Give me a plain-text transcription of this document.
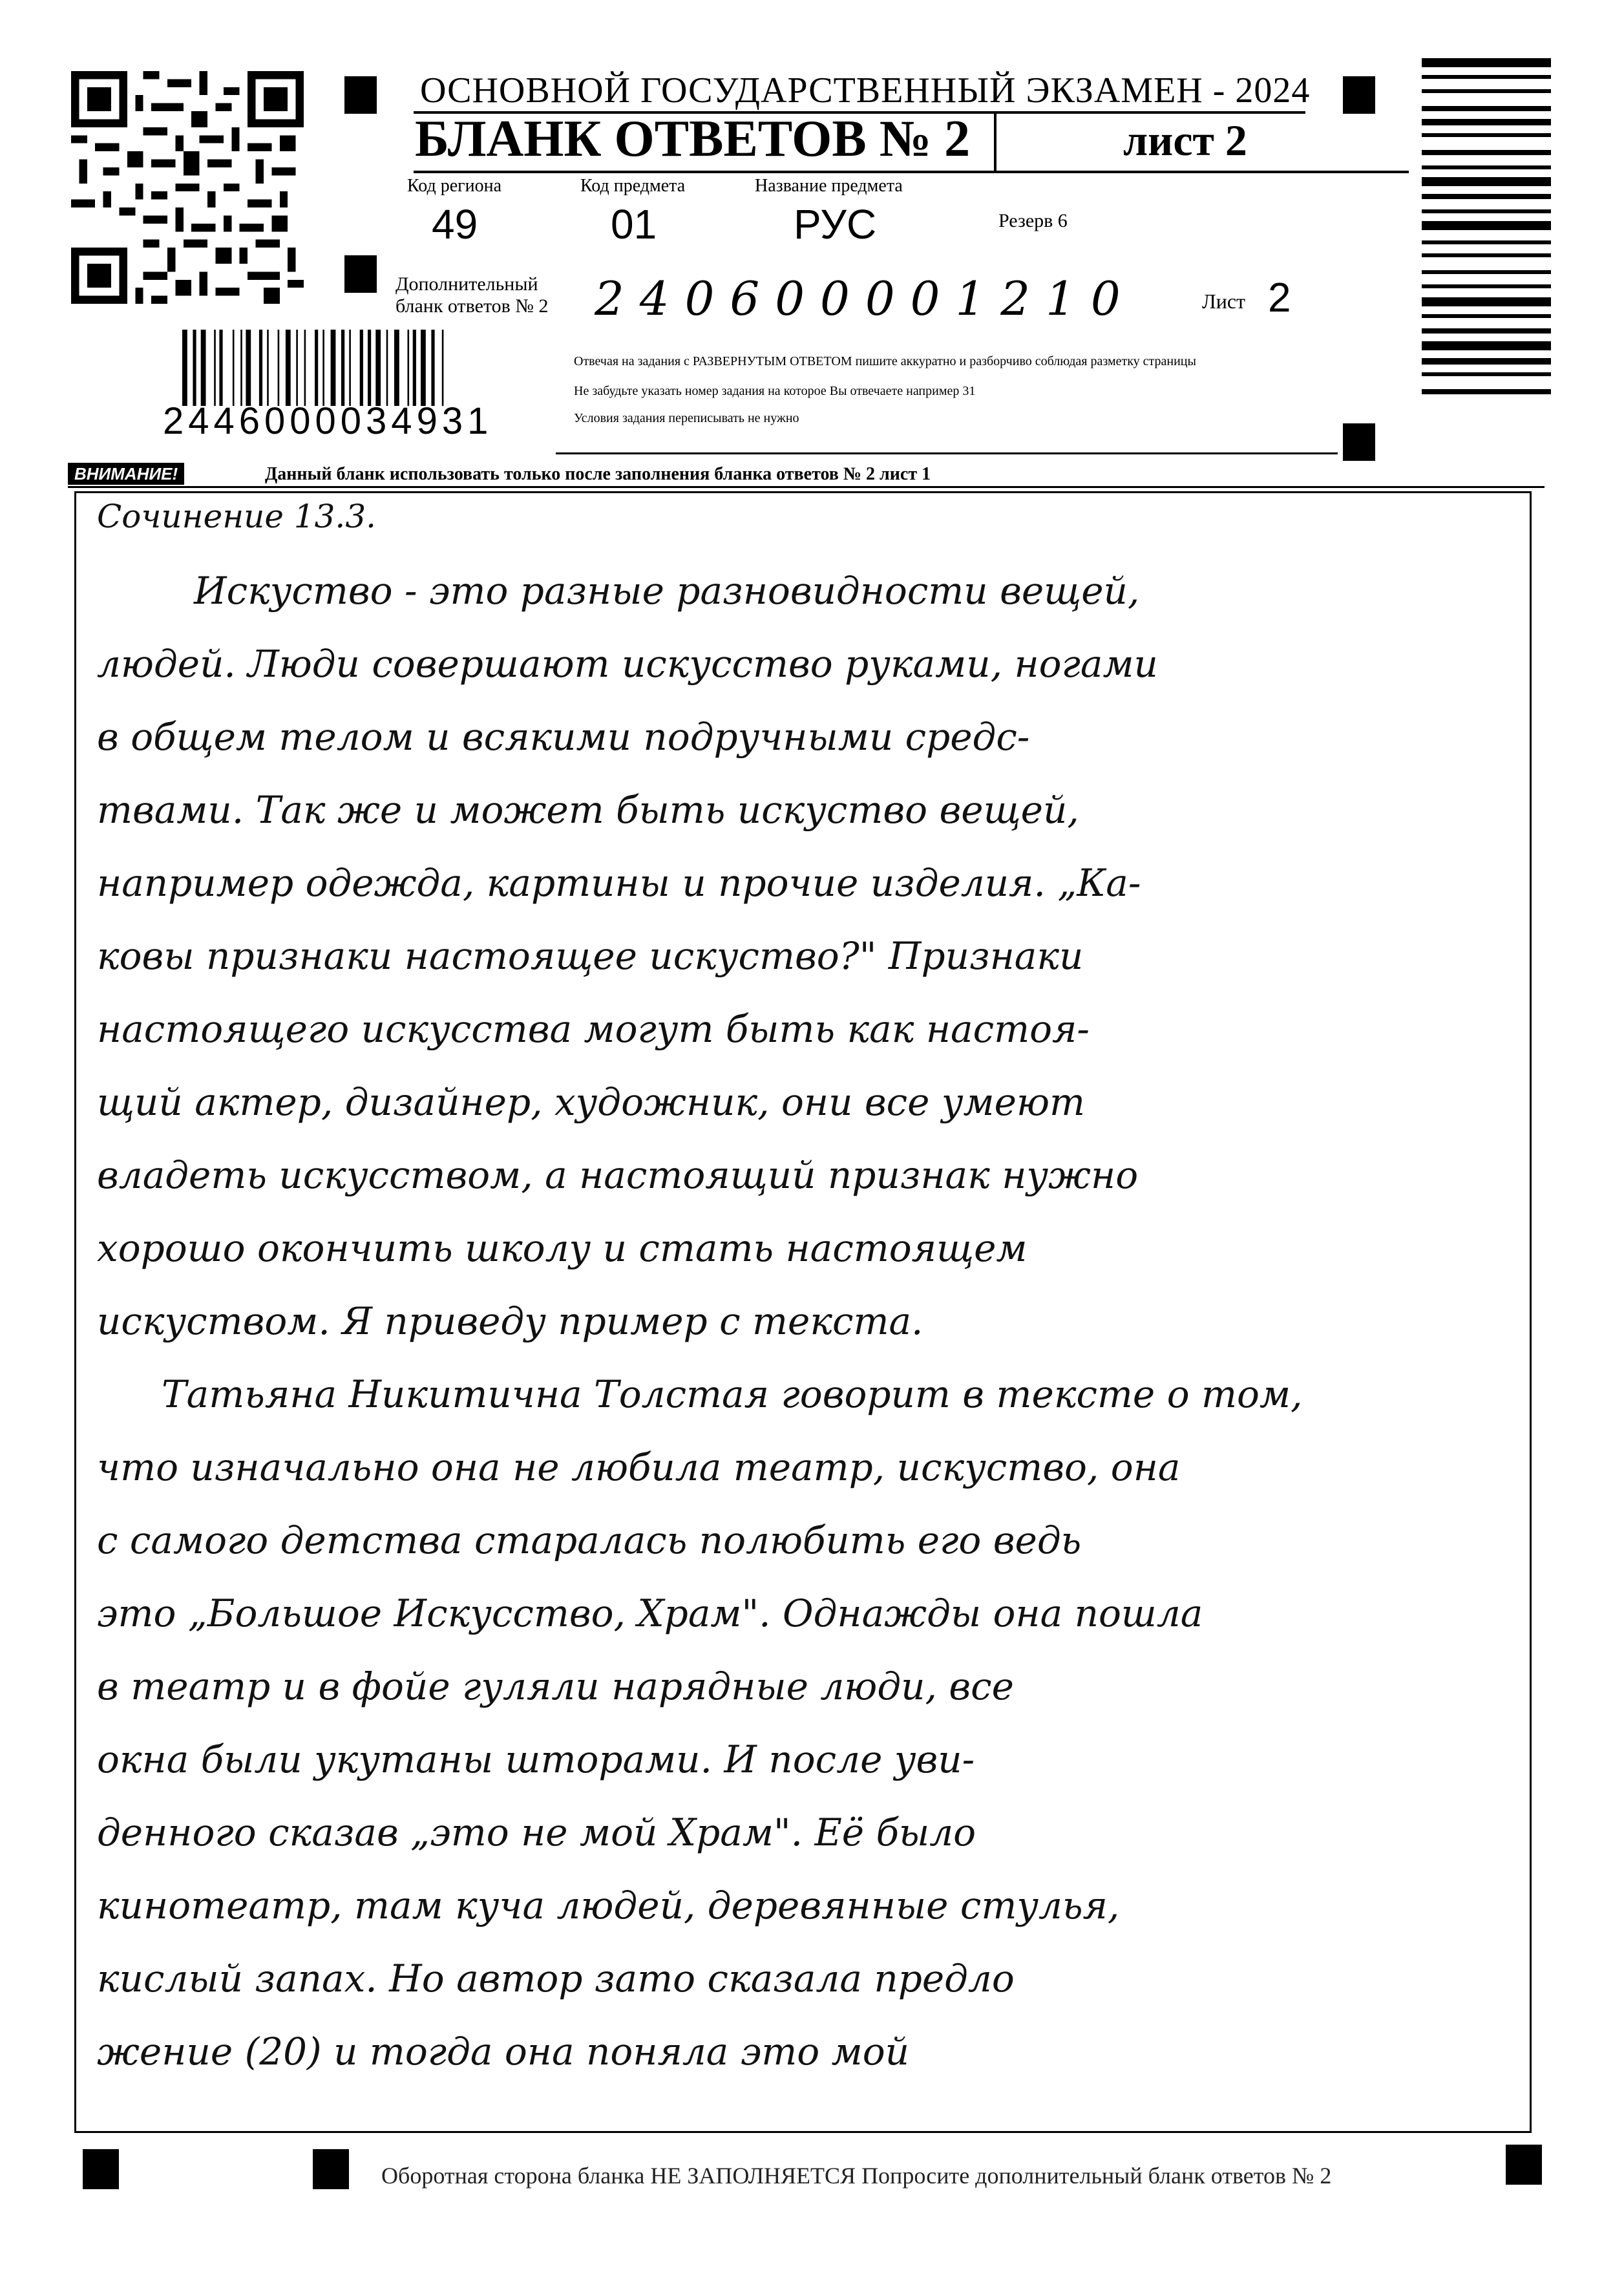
ОСНОВНОЙ ГОСУДАРСТВЕННЫЙ ЭКЗАМЕН - 2024
БЛАНК ОТВЕТОВ № 2	лист 2
Код региона
49
Код предмета
01
Название предмета
РУС	Резерв 6
Дополнительный
бланк ответов № 2 240600001210	Лист 2
Отвечая на задания с РАЗВЕРНУТЫМ ОТВЕТОМ пишите аккуратно и разборчиво соблюдая разметку страницы
Не забудьте указать номер задания на которое Вы отвечаете например 31
Условия задания переписывать не нужно
2446000034931
ВНИМАНИЕ!	Данный бланк использовать только после заполнения бланка ответов № 2 лист 1
Сочинение 13.3.
Искуство - это разные разновидности вещей,
людей. Люди совершают искусство руками, ногами
в общем телом и всякими подручными средс-
твами. Так же и может быть искуство вещей,
например одежда, картины и прочие изделия. „Ка-
ковы признаки настоящее искуство?" Признаки
настоящего искусства могут быть как настоя-
щий актер, дизайнер, художник, они все умеют
владеть искусством, а настоящий признак нужно
хорошо окончить школу и стать настоящем
искуством. Я приведу пример с текста.
Татьяна Никитична Толстая говорит в тексте о том,
что изначально она не любила театр, искуство, она
с самого детства старалась полюбить его ведь
это „Большое Искусство, Храм". Однажды она пошла
в театр и в фойе гуляли нарядные люди, все
окна были укутаны шторами. И после уви-
денного сказав „это не мой Храм". Её было
кинотеатр, там куча людей, деревянные стулья,
кислый запах. Но автор зато сказала предло
жение (20) и тогда она поняла это мой
Оборотная сторона бланка НЕ ЗАПОЛНЯЕТСЯ Попросите дополнительный бланк ответов № 2
